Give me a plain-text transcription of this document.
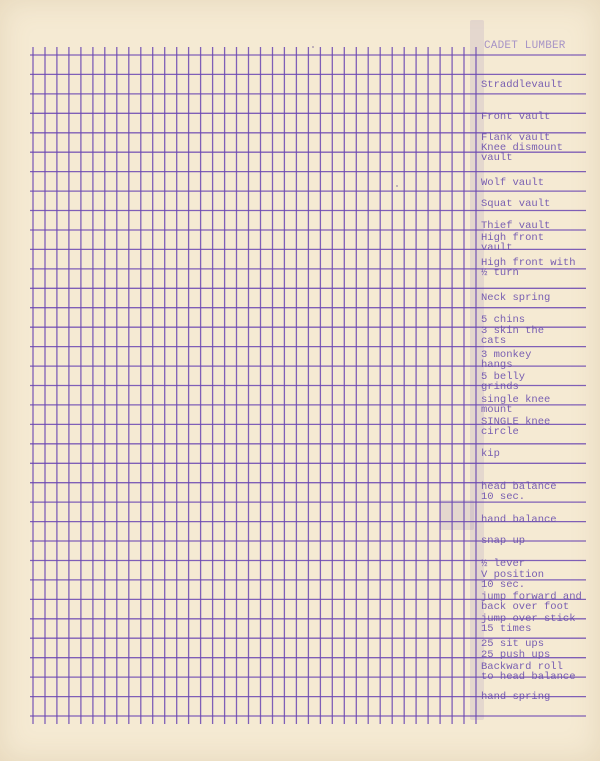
CADET LUMBER
Straddlevault
Front vault
Flank vault
Knee dismount
vault
Wolf vault
Squat vault
Thief vault
High front
vault
High front with
½ turn
Neck spring
5 chins
3 skin the
cats
3 monkey
hangs
5 belly
grinds
single knee
mount
SINGLE knee
circle
kip
head balance
10 sec.
hand balance
snap up
½ lever
V position
10 sec.
jump forward and
back over foot
jump over stick
15 times
25 sit ups
25 push ups
Backward roll
to head balance
hand spring
